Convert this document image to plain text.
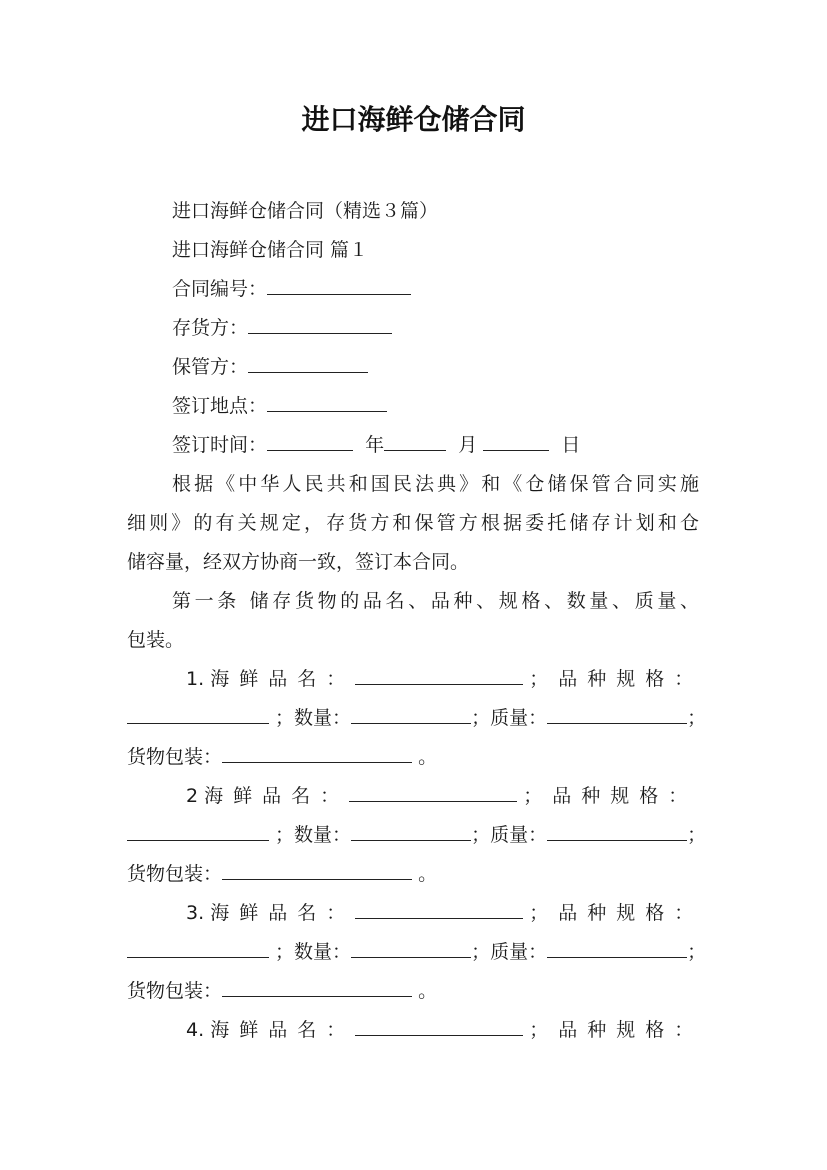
进口海鲜仓储合同
进口海鲜仓储合同（精选３篇）
进口海鲜仓储合同 篇１
合同编号：
存货方：
保管方：
签订地点：
签订时间：	年	月	日
根据《中华人民共和国民法典》和《仓储保管合同实施
细则》的有关规定，存货方和保管方根据委托储存计划和仓
储容量，经双方协商一致，签订本合同。
第一条 储存货物的品名、品种、规格、数量、质量、
包装。
1. 海鲜品名：	；品种规格：
；数量：	；质量：	；
货物包装：	。
2 海鲜品名：	；品种规格：
；数量：	；质量：	；
货物包装：	。
3. 海鲜品名：	；品种规格：
；数量：	；质量：	；
货物包装：	。
4. 海鲜品名：	；品种规格：
